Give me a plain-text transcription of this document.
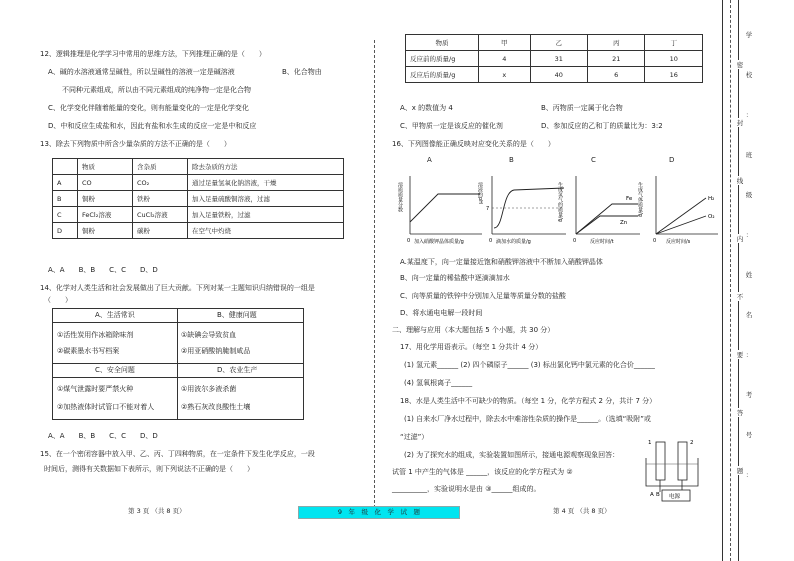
12、逻辑推理是化学学习中常用的思维方法，下列推理正确的是（　　）
A、碱的水溶液通常呈碱性，所以呈碱性的溶液一定是碱溶液	B、化合物由
不同种元素组成，所以由不同元素组成的纯净物一定是化合物
C、化学变化伴随着能量的变化，则有能量变化的一定是化学变化
D、中和反应生成盐和水，因此有盐和水生成的反应一定是中和反应
13、除去下列物质中所含少量杂质的方法不正确的是（　　）
	物质	含杂质	除去杂质的方法
A	CO	CO₂	通过足量氢氧化钠溶液，干燥
B	铜粉	铁粉	加入足量硫酸铜溶液，过滤
C	FeCl₂溶液	CuCl₂溶液	加入足量铁粉，过滤
D	铜粉	碳粉	在空气中灼烧
A、A　　B、B　　C、C　　D、D
14、化学对人类生活和社会发展做出了巨大贡献。下列对某一主题知识归纳错误的一组是
（　　）
A、生活常识
①活性炭用作冰箱除味剂
②碳素墨水书写档案
B、健康问题
①缺碘会导致贫血
②用亚硝酸钠腌制咸品
C、安全问题
①煤气泄露时要严禁火种
②加热液体时试管口不能对着人
D、农业生产
①用波尔多液杀菌
②熟石灰改良酸性土壤
A、A　　B、B　　C、C　　D、D
15、在一个密闭容器中放入甲、乙、丙、丁四种物质，在一定条件下发生化学反应，一段
时间后，测得有关数据如下表所示，则下列说法不正确的是（　　）
物质	甲	乙	丙	丁
反应前的质量/g	4	31	21	10
反应后的质量/g	x	40	6	16
A、x 的数值为 4	B、丙物质一定属于化合物
C、甲物质一定是该反应的催化剂	D、参加反应的乙和丁的质量比为：3:2
16、下列图像能正确反映对应变化关系的是（　　）
A	B	C	D
溶质质量分数
0 加入硝酸钾晶体质量/g
溶液的pH
7
0 滴加水的质量/g
生成氢气的质量/g	Fe
Zn
0	反应时间/t
生成气体质量/g	H₂
O₂
0 反应时间/s
A.某温度下，向一定量接近饱和硝酸钾溶液中不断加入硝酸钾晶体
B、向一定量的稀盐酸中逐滴滴加水
C、向等质量的铁锌中分别加入足量等质量分数的盐酸
D、将水通电电解一段时间
二、理解与应用（本大题包括 5 个小题，共 30 分）
17、用化学用语表示。（每空 1 分共计 4 分）
(1) 氢元素______ (2) 四个磷原子______ (3) 标出氯化钙中氯元素的化合价______
(4) 氢氧根离子______
18、水是人类生活中不可缺少的物质。（每空 1 分，化学方程式 2 分，共计 7 分）
(1) 自来水厂净水过程中，除去水中难溶性杂质的操作是______。（选填“吸附”或
“过滤”）
(2) 为了探究水的组成，实验装置如图所示，接通电源观察现象回答：
试管 1 中产生的气体是 ______，该反应的化学方程式为 ②
__________，实验说明水是由 ③______组成的。
1	2
A B 电源
第 3 页 （共 8 页）	9　年　级　化　学　试　题	第 4 页 （共 8 页）
密
封
线
内
不
要
答
题
学
校
：
班
级
：
姓
名
：
考
号
：
